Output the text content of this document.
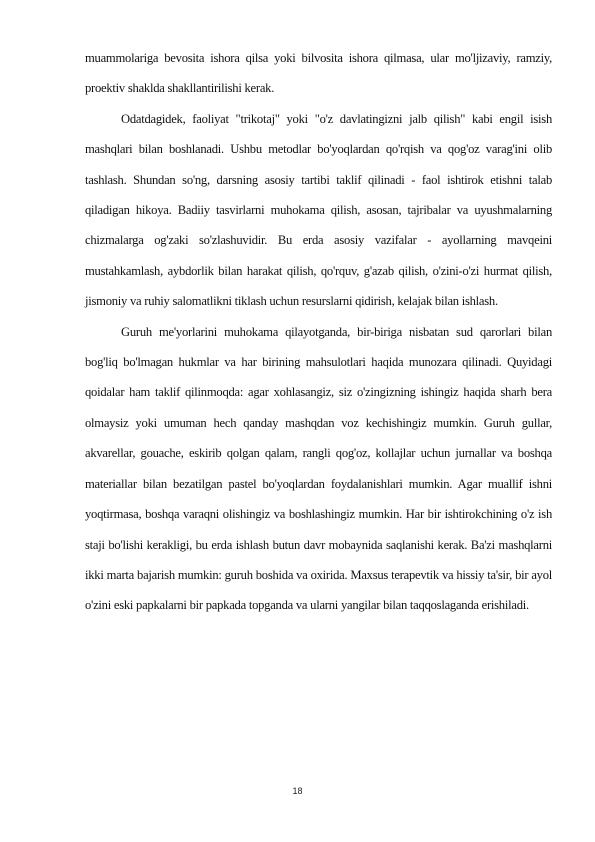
muammolariga bevosita ishora qilsa yoki bilvosita ishora qilmasa, ular mo'ljizaviy, ramziy, proektiv shaklda shakllantirilishi kerak.

Odatdagidek, faoliyat "trikotaj" yoki "o'z davlatingizni jalb qilish" kabi engil isish mashqlari bilan boshlanadi. Ushbu metodlar bo'yoqlardan qo'rqish va qog'oz varag'ini olib tashlash. Shundan so'ng, darsning asosiy tartibi taklif qilinadi - faol ishtirok etishni talab qiladigan hikoya. Badiiy tasvirlarni muhokama qilish, asosan, tajribalar va uyushmalarning chizmalarga og'zaki so'zlashuvidir. Bu erda asosiy vazifalar - ayollarning mavqeini mustahkamlash, aybdorlik bilan harakat qilish, qo'rquv, g'azab qilish, o'zini-o'zi hurmat qilish, jismoniy va ruhiy salomatlikni tiklash uchun resurslarni qidirish, kelajak bilan ishlash.

Guruh me'yorlarini muhokama qilayotganda, bir-biriga nisbatan sud qarorlari bilan bog'liq bo'lmagan hukmlar va har birining mahsulotlari haqida munozara qilinadi. Quyidagi qoidalar ham taklif qilinmoqda: agar xohlasangiz, siz o'zingizning ishingiz haqida sharh bera olmaysiz yoki umuman hech qanday mashqdan voz kechishingiz mumkin. Guruh gullar, akvarellar, gouache, eskirib qolgan qalam, rangli qog'oz, kollajlar uchun jurnallar va boshqa materiallar bilan bezatilgan pastel bo'yoqlardan foydalanishlari mumkin. Agar muallif ishni yoqtirmasa, boshqa varaqni olishingiz va boshlashingiz mumkin. Har bir ishtirokchining o'z ish staji bo'lishi kerakligi, bu erda ishlash butun davr mobaynida saqlanishi kerak. Ba'zi mashqlarni ikki marta bajarish mumkin: guruh boshida va oxirida. Maxsus terapevtik va hissiy ta'sir, bir ayol o'zini eski papkalarni bir papkada topganda va ularni yangilar bilan taqqoslaganda erishiladi.

18
